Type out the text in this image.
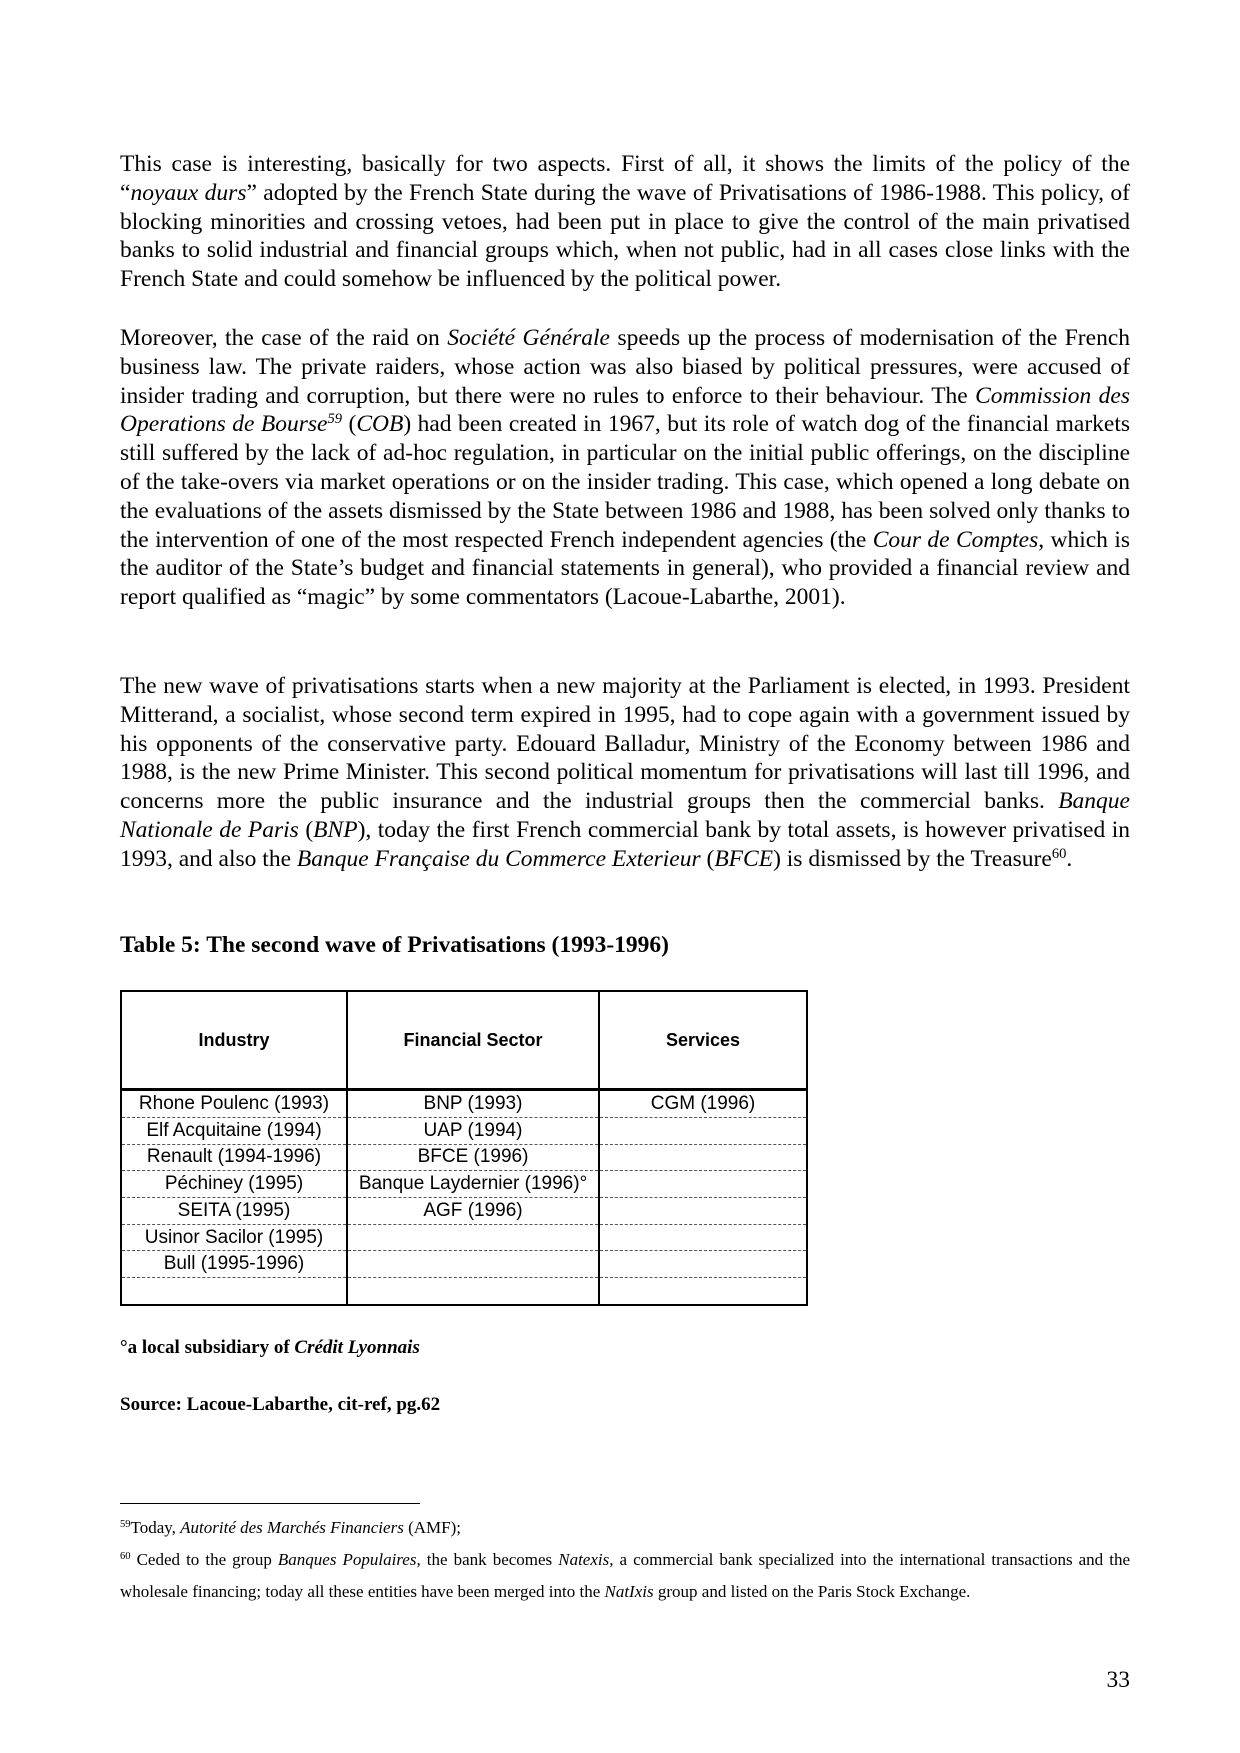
This case is interesting, basically for two aspects. First of all, it shows the limits of the policy of the “noyaux durs” adopted by the French State during the wave of Privatisations of 1986-1988. This policy, of blocking minorities and crossing vetoes, had been put in place to give the control of the main privatised banks to solid industrial and financial groups which, when not public, had in all cases close links with the French State and could somehow be influenced by the political power.

Moreover, the case of the raid on Société Générale speeds up the process of modernisation of the French business law. The private raiders, whose action was also biased by political pressures, were accused of insider trading and corruption, but there were no rules to enforce to their behaviour. The Commission des Operations de Bourse$^{59}$ (COB) had been created in 1967, but its role of watch dog of the financial markets still suffered by the lack of ad-hoc regulation, in particular on the initial public offerings, on the discipline of the take-overs via market operations or on the insider trading. This case, which opened a long debate on the evaluations of the assets dismissed by the State between 1986 and 1988, has been solved only thanks to the intervention of one of the most respected French independent agencies (the Cour de Comptes, which is the auditor of the State’s budget and financial statements in general), who provided a financial review and report qualified as “magic” by some commentators (Lacoue-Labarthe, 2001).

The new wave of privatisations starts when a new majority at the Parliament is elected, in 1993. President Mitterand, a socialist, whose second term expired in 1995, had to cope again with a government issued by his opponents of the conservative party. Edouard Balladur, Ministry of the Economy between 1986 and 1988, is the new Prime Minister. This second political momentum for privatisations will last till 1996, and concerns more the public insurance and the industrial groups then the commercial banks. Banque Nationale de Paris (BNP), today the first French commercial bank by total assets, is however privatised in 1993, and also the Banque Française du Commerce Exterieur (BFCE) is dismissed by the Treasure$^{60}$.

Table 5: The second wave of Privatisations (1993-1996)

Industry	Financial Sector	Services
Rhone Poulenc (1993)	BNP (1993)	CGM (1996)
Elf Acquitaine (1994)	UAP (1994)	
Renault (1994-1996)	BFCE (1996)	
Péchiney (1995)	Banque Laydernier (1996)°	
SEITA (1995)	AGF (1996)	
Usinor Sacilor (1995)		
Bull (1995-1996)		

°a local subsidiary of Crédit Lyonnais

Source: Lacoue-Labarthe, cit-ref, pg.62

$^{59}$Today, Autorité des Marchés Financiers (AMF);

$^{60}$ Ceded to the group Banques Populaires, the bank becomes Natexis, a commercial bank specialized into the international transactions and the wholesale financing; today all these entities have been merged into the NatIxis group and listed on the Paris Stock Exchange.

33
